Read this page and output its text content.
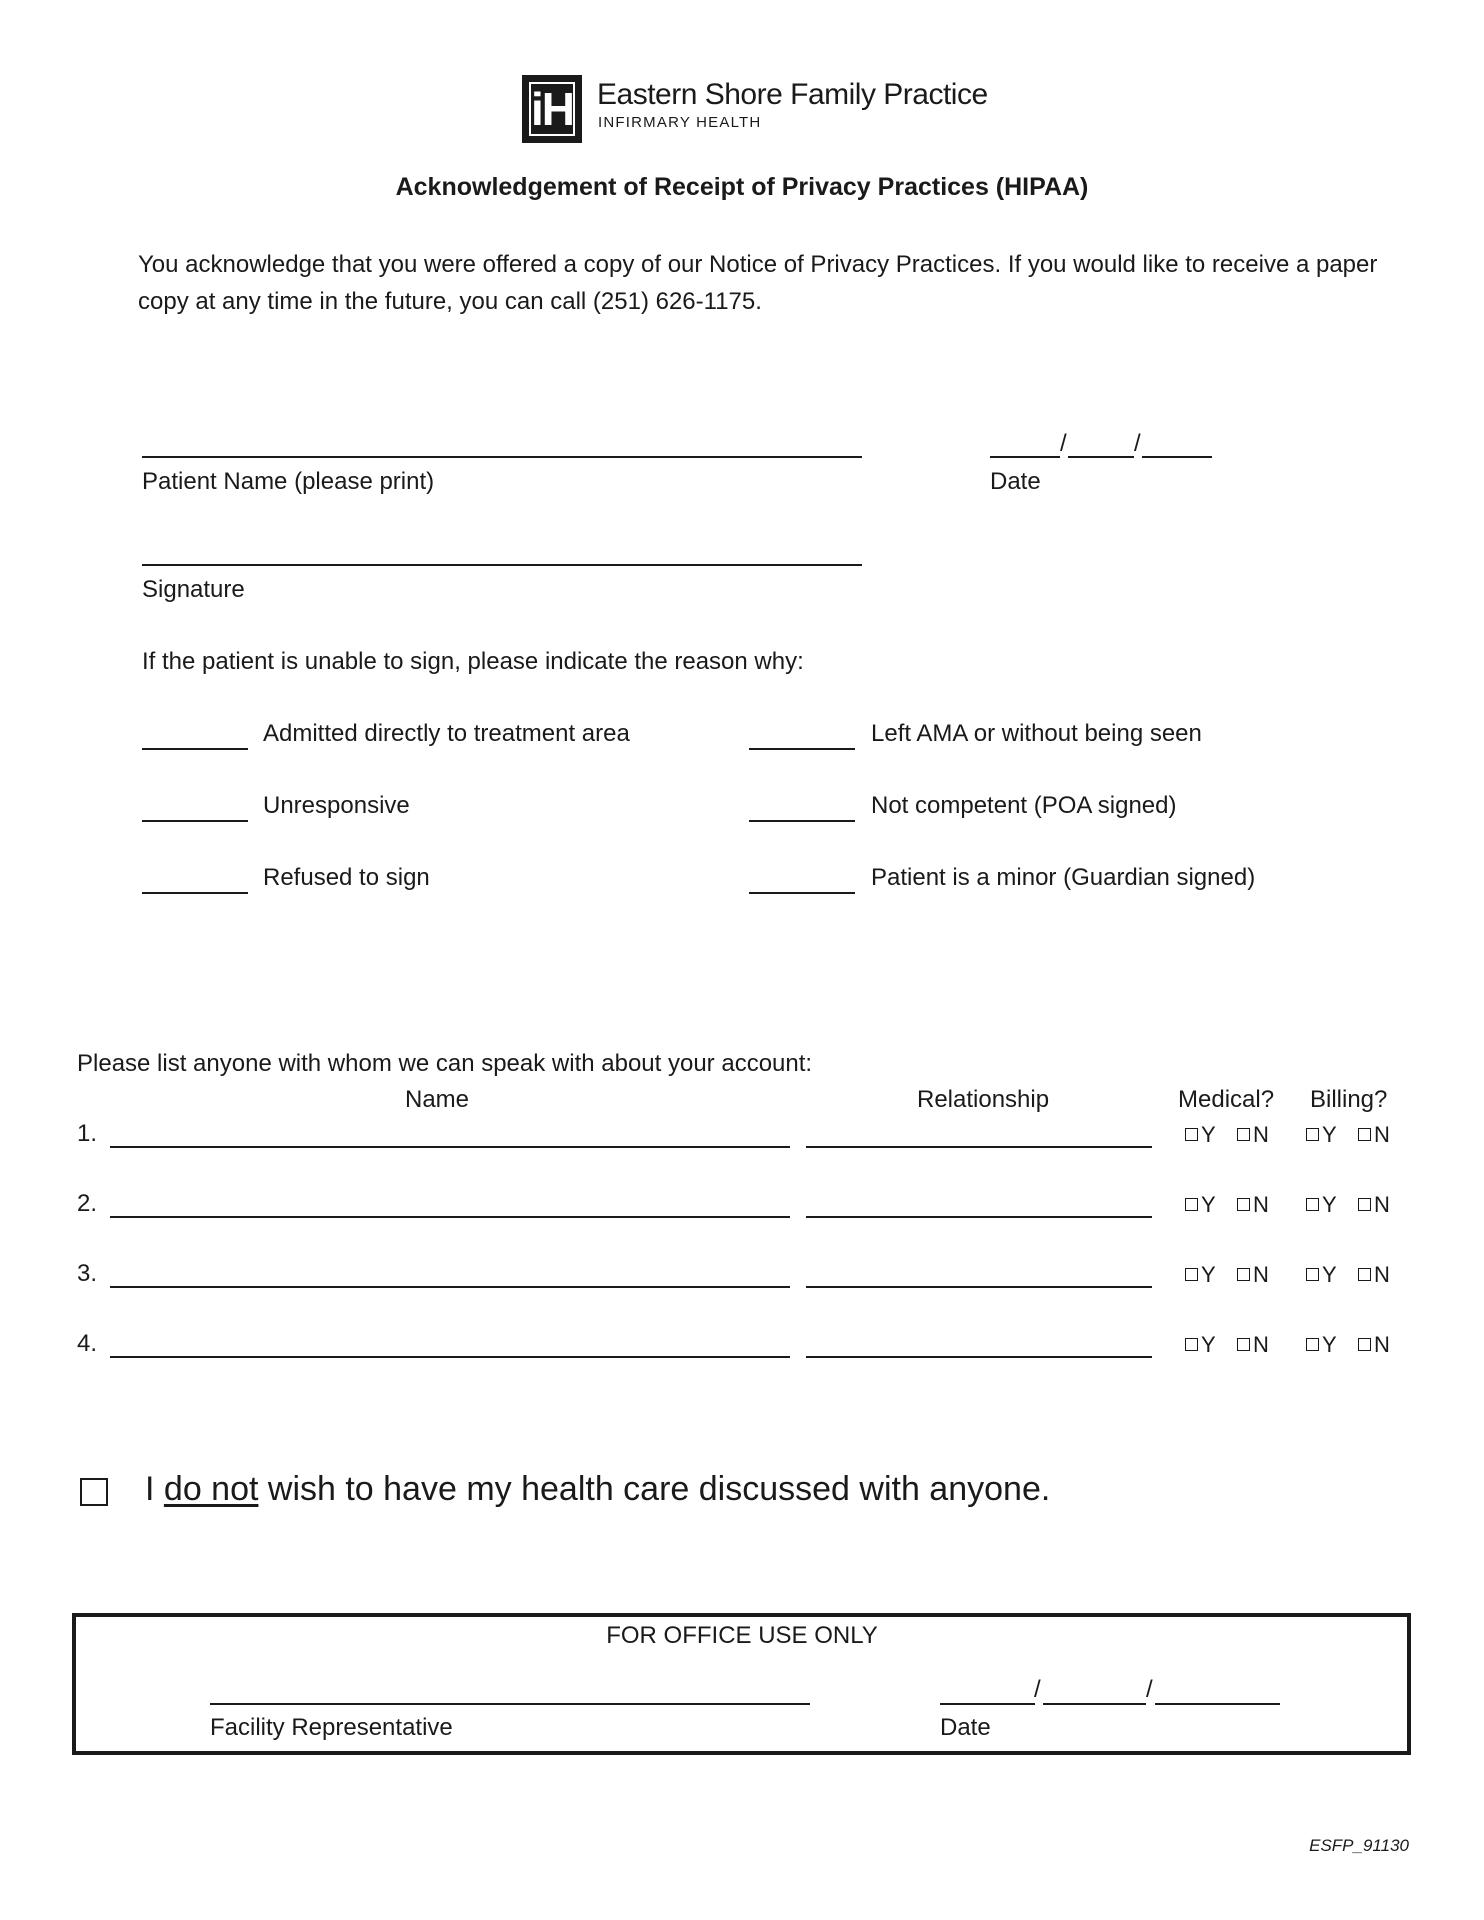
iH Eastern Shore Family Practice
INFIRMARY HEALTH
Acknowledgement of Receipt of Privacy Practices (HIPAA)
You acknowledge that you were offered a copy of our Notice of Privacy Practices. If you would like to receive a paper copy at any time in the future, you can call (251) 626-1175.
Patient Name (please print)
/	/
Date
Signature
If the patient is unable to sign, please indicate the reason why:
Admitted directly to treatment area
Unresponsive
Refused to sign
Left AMA or without being seen
Not competent (POA signed)
Patient is a minor (Guardian signed)
Please list anyone with whom we can speak with about your account:
Name	Relationship	Medical? Billing?
1.	Y	N	Y	N
2.	Y	N	Y	N
3.	Y	N	Y	N
4.	Y	N	Y	N
I do not wish to have my health care discussed with anyone.
FOR OFFICE USE ONLY
Facility Representative
/	/
Date
ESFP_91130
